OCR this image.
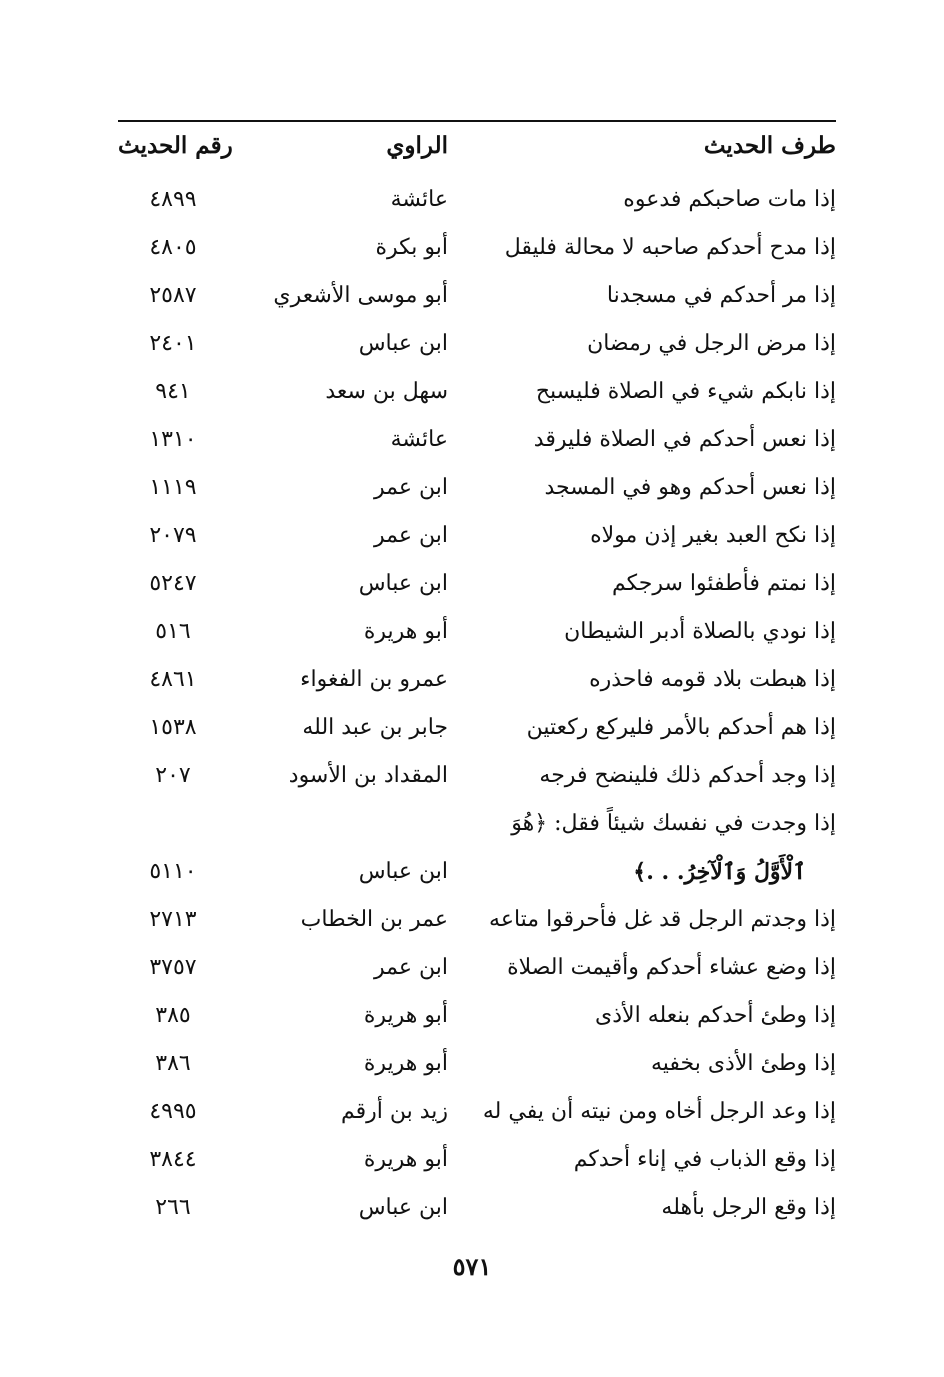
طرف الحديث
الراوي
رقم الحديث
إذا مات صاحبكم فدعوه
عائشة
٤٨٩٩
إذا مدح أحدكم صاحبه لا محالة فليقل
أبو بكرة
٤٨٠٥
إذا مر أحدكم في مسجدنا
أبو موسى الأشعري
٢٥٨٧
إذا مرض الرجل في رمضان
ابن عباس
٢٤٠١
إذا نابكم شيء في الصلاة فليسبح
سهل بن سعد
٩٤١
إذا نعس أحدكم في الصلاة فليرقد
عائشة
١٣١٠
إذا نعس أحدكم وهو في المسجد
ابن عمر
١١١٩
إذا نكح العبد بغير إذن مولاه
ابن عمر
٢٠٧٩
إذا نمتم فأطفئوا سرجكم
ابن عباس
٥٢٤٧
إذا نودي بالصلاة أدبر الشيطان
أبو هريرة
٥١٦
إذا هبطت بلاد قومه فاحذره
عمرو بن الفغواء
٤٨٦١
إذا هم أحدكم بالأمر فليركع ركعتين
جابر بن عبد الله
١٥٣٨
إذا وجد أحدكم ذلك فلينضح فرجه
المقداد بن الأسود
٢٠٧
إذا وجدت في نفسك شيئاً فقل: ﴿هُوَ
ٱلْأَوَّلُ وَٱلْآخِرُ. . .﴾
ابن عباس
٥١١٠
إذا وجدتم الرجل قد غل فأحرقوا متاعه
عمر بن الخطاب
٢٧١٣
إذا وضع عشاء أحدكم وأقيمت الصلاة
ابن عمر
٣٧٥٧
إذا وطئ أحدكم بنعله الأذى
أبو هريرة
٣٨٥
إذا وطئ الأذى بخفيه
أبو هريرة
٣٨٦
إذا وعد الرجل أخاه ومن نيته أن يفي له
زيد بن أرقم
٤٩٩٥
إذا وقع الذباب في إناء أحدكم
أبو هريرة
٣٨٤٤
إذا وقع الرجل بأهله
ابن عباس
٢٦٦
٥٧١
